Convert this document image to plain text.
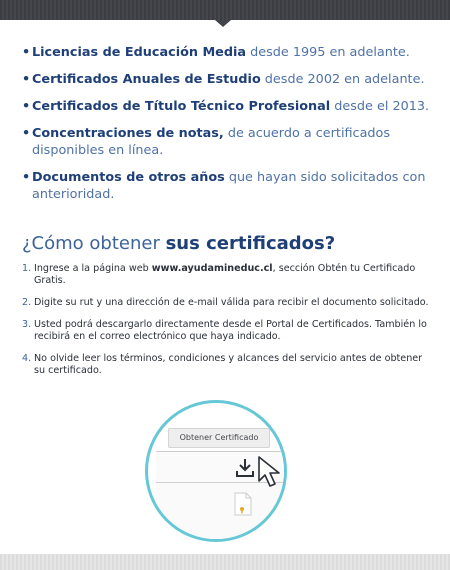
• Licencias de Educación Media desde 1995 en adelante.
• Certificados Anuales de Estudio desde 2002 en adelante.
• Certificados de Título Técnico Profesional desde el 2013.
• Concentraciones de notas, de acuerdo a certificados disponibles en línea.
• Documentos de otros años que hayan sido solicitados con anterioridad.
¿Cómo obtener sus certificados?
1. Ingrese a la página web www.ayudamineduc.cl, sección Obtén tu Certificado Gratis.
2. Digite su rut y una dirección de e-mail válida para recibir el documento solicitado.
3. Usted podrá descargarlo directamente desde el Portal de Certificados. También lo recibirá en el correo electrónico que haya indicado.
4. No olvide leer los términos, condiciones y alcances del servicio antes de obtener su certificado.
Obtener Certificado
